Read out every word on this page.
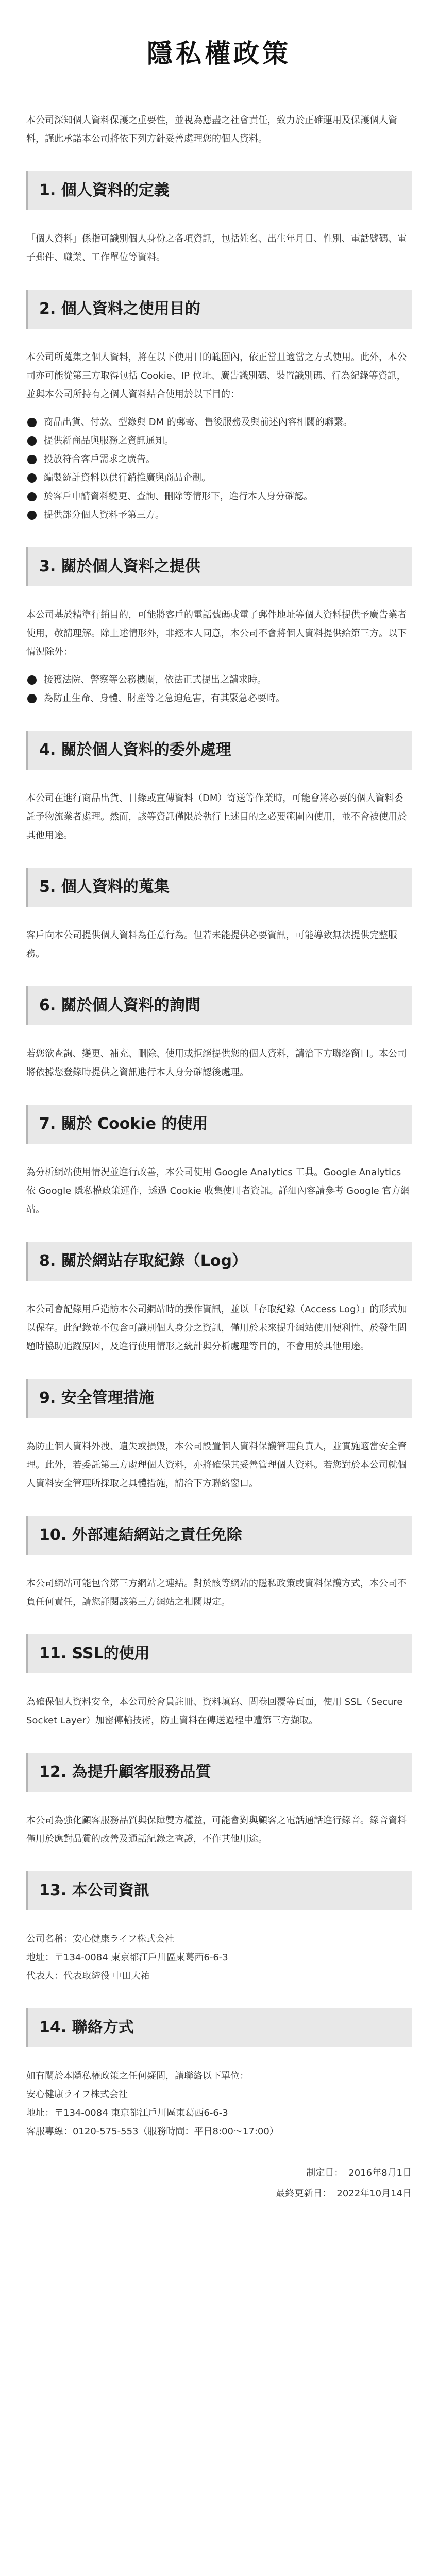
隱私權政策

本公司深知個人資料保護之重要性，並視為應盡之社會責任，致力於正確運用及保護個人資料，謹此承諾本公司將依下列方針妥善處理您的個人資料。

1. 個人資料的定義

「個人資料」係指可識別個人身份之各項資訊，包括姓名、出生年月日、性別、電話號碼、電子郵件、職業、工作單位等資料。

2. 個人資料之使用目的

本公司所蒐集之個人資料，將在以下使用目的範圍內，依正當且適當之方式使用。此外，本公司亦可能從第三方取得包括 Cookie、IP 位址、廣告識別碼、裝置識別碼、行為紀錄等資訊，並與本公司所持有之個人資料結合使用於以下目的：

商品出貨、付款、型錄與 DM 的郵寄、售後服務及與前述內容相關的聯繫。
提供新商品與服務之資訊通知。
投放符合客戶需求之廣告。
編製統計資料以供行銷推廣與商品企劃。
於客戶申請資料變更、查詢、刪除等情形下，進行本人身分確認。
提供部分個人資料予第三方。
3. 關於個人資料之提供

本公司基於精準行銷目的，可能將客戶的電話號碼或電子郵件地址等個人資料提供予廣告業者使用，敬請理解。除上述情形外，非經本人同意，本公司不會將個人資料提供給第三方。以下情況除外：

接獲法院、警察等公務機關，依法正式提出之請求時。
為防止生命、身體、財產等之急迫危害，有其緊急必要時。
4. 關於個人資料的委外處理

本公司在進行商品出貨、目錄或宣傳資料（DM）寄送等作業時，可能會將必要的個人資料委託予物流業者處理。然而，該等資訊僅限於執行上述目的之必要範圍內使用，並不會被使用於其他用途。

5. 個人資料的蒐集

客戶向本公司提供個人資料為任意行為。但若未能提供必要資訊，可能導致無法提供完整服務。

6. 關於個人資料的詢問

若您欲查詢、變更、補充、刪除、使用或拒絕提供您的個人資料，請洽下方聯絡窗口。本公司將依據您登錄時提供之資訊進行本人身分確認後處理。

7. 關於 Cookie 的使用

為分析網站使用情況並進行改善，本公司使用 Google Analytics 工具。Google Analytics 依 Google 隱私權政策運作，透過 Cookie 收集使用者資訊。詳細內容請參考 Google 官方網站。

8. 關於網站存取紀錄（Log）

本公司會記錄用戶造訪本公司網站時的操作資訊，並以「存取紀錄（Access Log）」的形式加以保存。此紀錄並不包含可識別個人身分之資訊，僅用於未來提升網站使用便利性、於發生問題時協助追蹤原因，及進行使用情形之統計與分析處理等目的，不會用於其他用途。

9. 安全管理措施

為防止個人資料外洩、遺失或損毀，本公司設置個人資料保護管理負責人，並實施適當安全管理。此外，若委託第三方處理個人資料，亦將確保其妥善管理個人資料。若您對於本公司就個人資料安全管理所採取之具體措施，請洽下方聯絡窗口。

10. 外部連結網站之責任免除

本公司網站可能包含第三方網站之連結。對於該等網站的隱私政策或資料保護方式，本公司不負任何責任，請您詳閱該第三方網站之相關規定。

11. SSL的使用

為確保個人資料安全，本公司於會員註冊、資料填寫、問卷回覆等頁面，使用 SSL（Secure Socket Layer）加密傳輸技術，防止資料在傳送過程中遭第三方擷取。

12. 為提升顧客服務品質

本公司為強化顧客服務品質與保障雙方權益，可能會對與顧客之電話通話進行錄音。錄音資料僅用於應對品質的改善及通話紀錄之查證，不作其他用途。

13. 本公司資訊
公司名稱：安心健康ライフ株式会社
地址：〒134-0084 東京都江戶川區東葛西6-6-3
代表人：代表取締役 中田大祐
14. 聯絡方式
如有關於本隱私權政策之任何疑問，請聯絡以下單位：
安心健康ライフ株式会社
地址：〒134-0084 東京都江戶川區東葛西6-6-3
客服專線：0120-575-553（服務時間：平日8:00〜17:00）
制定日： 2016年8月1日
最終更新日： 2022年10月14日
